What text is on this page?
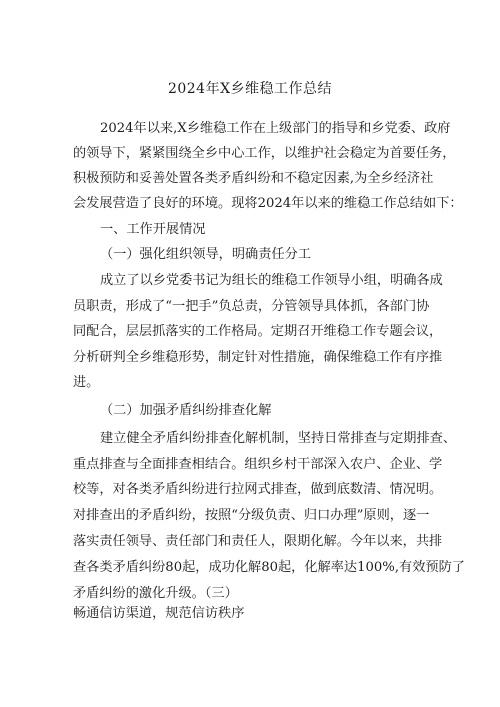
2024年X乡维稳工作总结
2024年以来,X乡维稳工作在上级部门的指导和乡党委、政府
的领导下，紧紧围绕全乡中心工作，以维护社会稳定为首要任务，
积极预防和妥善处置各类矛盾纠纷和不稳定因素,为全乡经济社
会发展营造了良好的环境。现将2024年以来的维稳工作总结如下：
一、工作开展情况
（一）强化组织领导，明确责任分工
成立了以乡党委书记为组长的维稳工作领导小组，明确各成
员职责，形成了“一把手”负总责，分管领导具体抓，各部门协
同配合，层层抓落实的工作格局。定期召开维稳工作专题会议，
分析研判全乡维稳形势，制定针对性措施，确保维稳工作有序推
进。
（二）加强矛盾纠纷排查化解
建立健全矛盾纠纷排查化解机制，坚持日常排查与定期排查、
重点排查与全面排查相结合。组织乡村干部深入农户、企业、学
校等，对各类矛盾纠纷进行拉网式排查，做到底数清、情况明。
对排查出的矛盾纠纷，按照“分级负责、归口办理”原则，逐一
落实责任领导、责任部门和责任人，限期化解。今年以来，共排
查各类矛盾纠纷80起，成功化解80起，化解率达100%,有效预防了
矛盾纠纷的激化升级。（三）
畅通信访渠道，规范信访秩序
